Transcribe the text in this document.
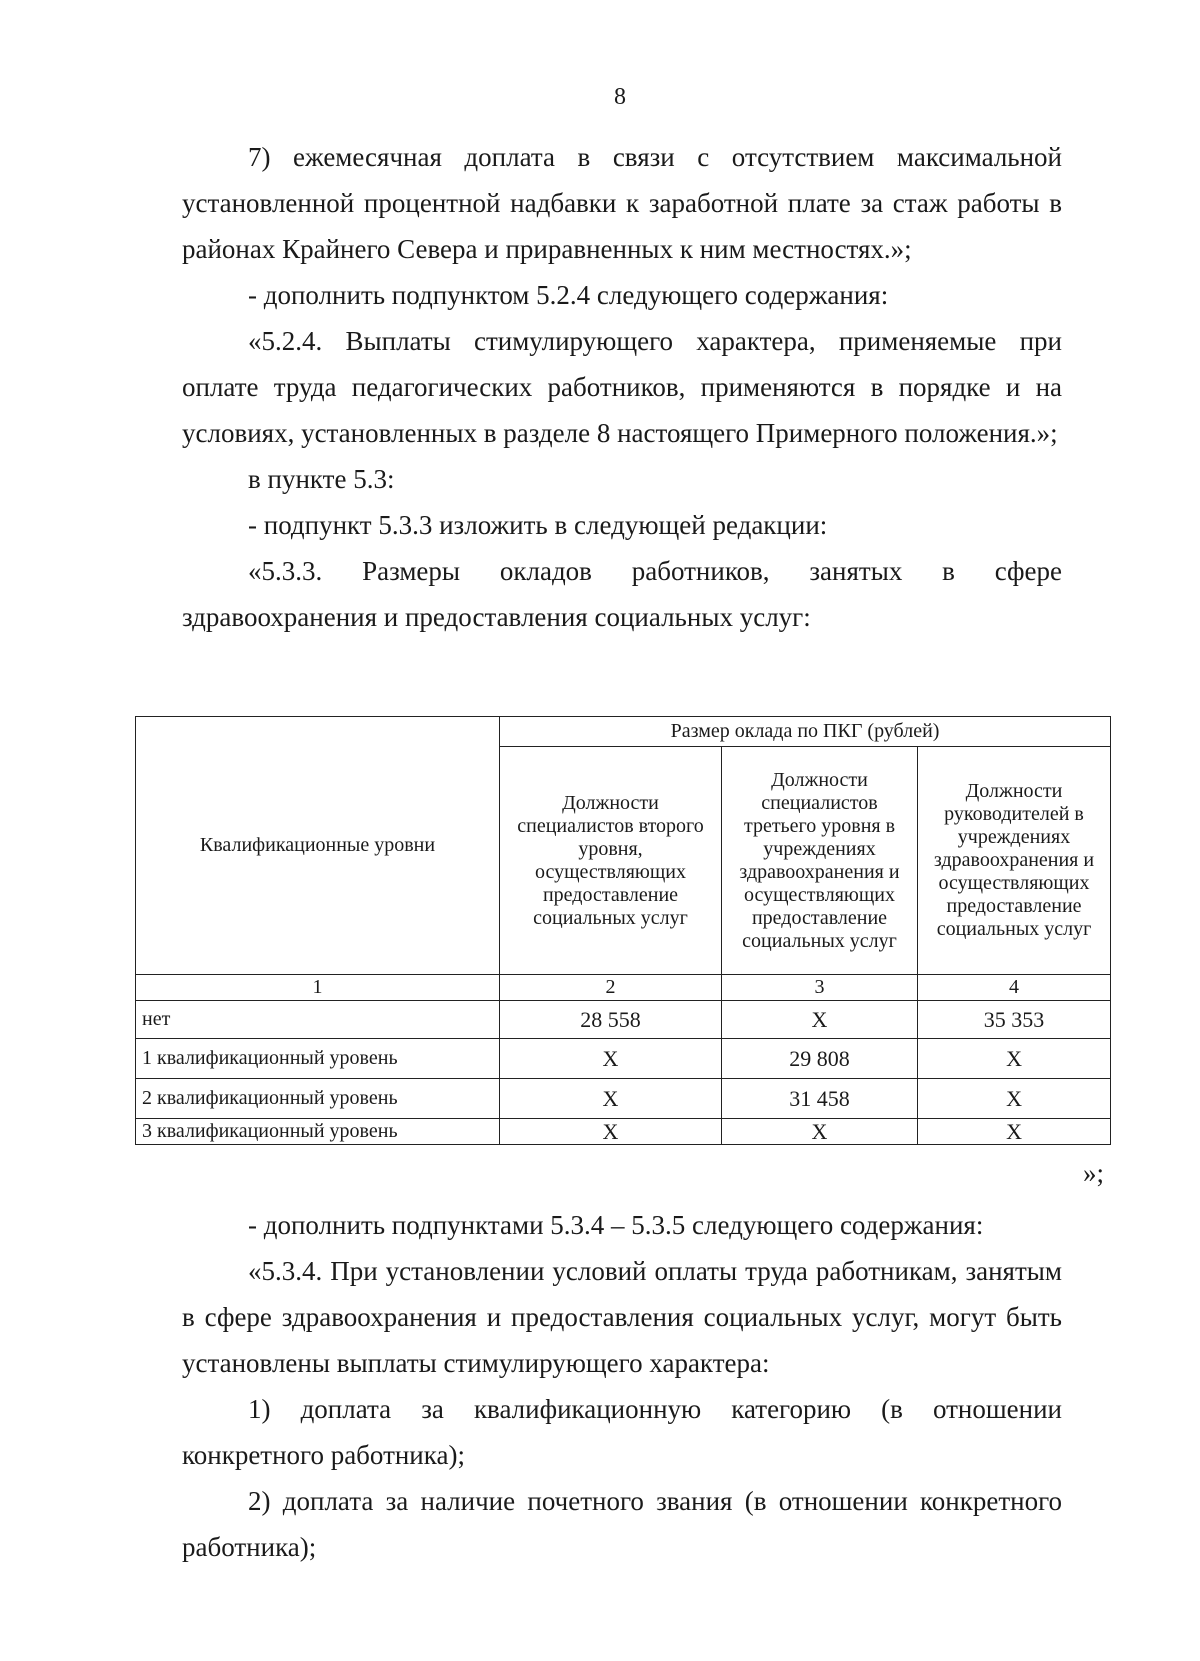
8

7) ежемесячная доплата в связи с отсутствием максимальной установленной процентной надбавки к заработной плате за стаж работы в районах Крайнего Севера и приравненных к ним местностях.»;

- дополнить подпунктом 5.2.4 следующего содержания:

«5.2.4. Выплаты стимулирующего характера, применяемые при оплате труда педагогических работников, применяются в порядке и на условиях, установленных в разделе 8 настоящего Примерного положения.»;

в пункте 5.3:

- подпункт 5.3.3 изложить в следующей редакции:

«5.3.3. Размеры окладов работников, занятых в сфере здравоохранения и предоставления социальных услуг:

Квалификационные уровни	Размер оклада по ПКГ (рублей)		
	Должности специалистов второго уровня, осуществляющих предоставление социальных услуг	Должности специалистов третьего уровня в учреждениях здравоохранения и осуществляющих предоставление социальных услуг	Должности руководителей в учреждениях здравоохранения и осуществляющих предоставление социальных услуг
1	2	3	4
нет	28 558	X	35 353
1 квалификационный уровень	X	29 808	X
2 квалификационный уровень	X	31 458	X
3 квалификационный уровень	X	X	X
»;

- дополнить подпунктами 5.3.4 – 5.3.5 следующего содержания:

«5.3.4. При установлении условий оплаты труда работникам, занятым в сфере здравоохранения и предоставления социальных услуг, могут быть установлены выплаты стимулирующего характера:

1) доплата за квалификационную категорию (в отношении конкретного работника);

2) доплата за наличие почетного звания (в отношении конкретного работника);
